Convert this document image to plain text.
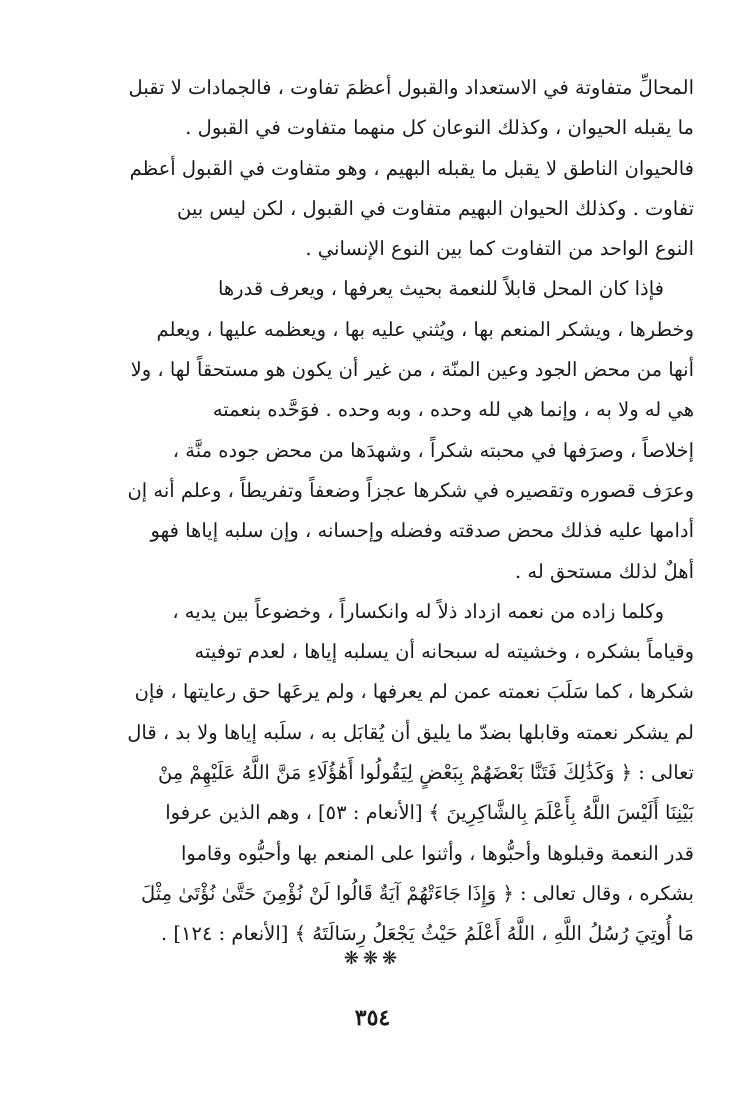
المحالِّ متفاوتة في الاستعداد والقبول أعظمَ تفاوت ، فالجمادات لا تقبل
ما يقبله الحيوان ، وكذلك النوعان كل منهما متفاوت في القبول .
فالحيوان الناطق لا يقبل ما يقبله البهيم ، وهو متفاوت في القبول أعظم
تفاوت . وكذلك الحيوان البهيم متفاوت في القبول ، لكن ليس بين
النوع الواحد من التفاوت كما بين النوع الإنساني .
فإذا كان المحل قابلاً للنعمة بحيث يعرفها ، ويعرف قدرها
وخطرها ، ويشكر المنعم بها ، ويُثني عليه بها ، ويعظمه عليها ، ويعلم
أنها من محض الجود وعين المنّة ، من غير أن يكون هو مستحقاً لها ، ولا
هي له ولا به ، وإنما هي لله وحده ، وبه وحده . فوَحَّده بنعمته
إخلاصاً ، وصرَفها في محبته شكراً ، وشهدَها من محض جوده منَّة ،
وعرَف قصوره وتقصيره في شكرها عجزاً وضعفاً وتفريطاً ، وعلم أنه إن
أدامها عليه فذلك محض صدقته وفضله وإحسانه ، وإن سلبه إياها فهو
أهلٌ لذلك مستحق له .
وكلما زاده من نعمه ازداد ذلاً له وانكساراً ، وخضوعاً بين يديه ،
وقياماً بشكره ، وخشيته له سبحانه أن يسلبه إياها ، لعدم توفيته
شكرها ، كما سَلَبَ نعمته عمن لم يعرفها ، ولم يرعَها حق رعايتها ، فإن
لم يشكر نعمته وقابلها بضدّ ما يليق أن يُقابَل به ، سلَبه إياها ولا بد ، قال
تعالى : ﴿ وَكَذَٰلِكَ فَتَنَّا بَعْضَهُمْ بِبَعْضٍ لِيَقُولُوا أَهَٰؤُلَاءِ مَنَّ اللَّهُ عَلَيْهِمْ مِنْ
بَيْنِنَا أَلَيْسَ اللَّهُ بِأَعْلَمَ بِالشَّاكِرِينَ ﴾ [الأنعام : ٥٣] ، وهم الذين عرفوا
قدر النعمة وقبلوها وأحبُّوها ، وأثنوا على المنعم بها وأحبُّوه وقاموا
بشكره ، وقال تعالى : ﴿ وَإِذَا جَاءَتْهُمْ آيَةٌ قَالُوا لَنْ نُؤْمِنَ حَتَّىٰ نُؤْتَىٰ مِثْلَ
مَا أُوتِيَ رُسُلُ اللَّهِ ، اللَّهُ أَعْلَمُ حَيْثُ يَجْعَلُ رِسَالَتَهُ ﴾ [الأنعام : ١٢٤] .
❋❋❋
٣٥٤
